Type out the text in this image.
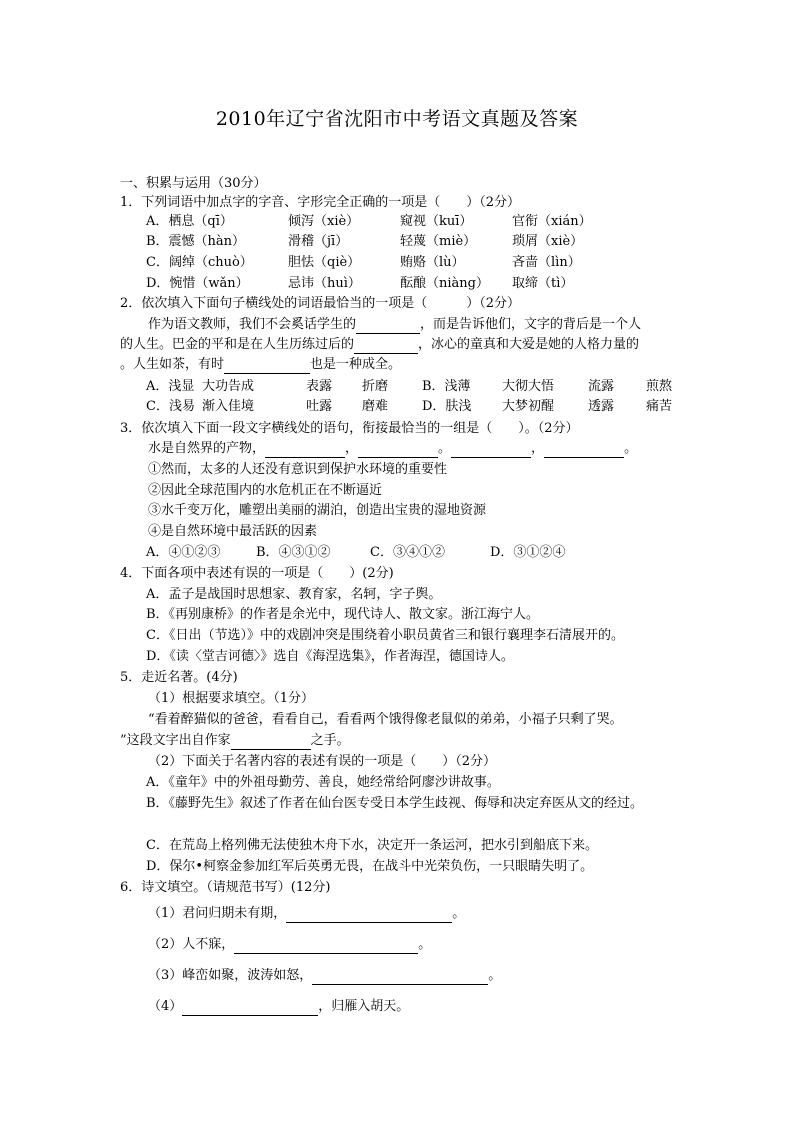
2010年辽宁省沈阳市中考语文真题及答案
一、积累与运用（30分）
1．下列词语中加点字的字音、字形完全正确的一项是（　　）（2分）
A．栖息（qī）	倾泻（xiè）	窥视（kuī）	官衔（xián）
B．震憾（hàn）	滑稽（jī）	轻蔑（miè）	琐屑（xiè）
C．阔绰（chuò）	胆怯（qiè）	贿赂（lù）	吝啬（lìn）
D．惋惜（wǎn）	忌讳（huì）	酝酿（niàng） 取缔（tì）
2．依次填入下面句子横线处的词语最恰当的一项是（　　　）（2分）
作为语文教师，我们不会奚话学生的	，而是告诉他们，文字的背后是一个人
的人生。巴金的平和是在人生历练过后的	，冰心的童真和大爱是她的人格力量的
。人生如茶，有时	也是一种成全。
A．浅显 大功告成	表露 折磨	B．浅薄 大彻大悟	流露 煎熬
C．浅易 渐入佳境	吐露 磨难	D．肤浅 大梦初醒	透露 痛苦
3．依次填入下面一段文字横线处的语句，衔接最恰当的一组是（　　）。（2分）
水是自然界的产物，	，	。	，	。
①然而，太多的人还没有意识到保护水环境的重要性
②因此全球范围内的水危机正在不断逼近
③水千变万化，雕塑出美丽的湖泊，创造出宝贵的湿地资源
④是自然环境中最活跃的因素
A．④①②③	B．④③①②	C．③④①②	D．③①②④
4．下面各项中表述有误的一项是（　　）(2分)
A．孟子是战国时思想家、教育家，名轲，字子舆。
B．《再别康桥》的作者是余光中，现代诗人、散文家。浙江海宁人。
C．《日出（节选）》中的戏剧冲突是围绕着小职员黄省三和银行襄理李石清展开的。
D．《读〈堂吉诃德〉》选自《海涅选集》，作者海涅，德国诗人。
5．走近名著。(4分)
（1）根据要求填空。（1分）
“看着醉猫似的爸爸，看看自己，看看两个饿得像老鼠似的弟弟，小福子只剩了哭。
”这段文字出自作家	之手。
（2）下面关于名著内容的表述有误的一项是（　　）（2分）
A．《童年》中的外祖母勤劳、善良，她经常给阿廖沙讲故事。
B．《藤野先生》叙述了作者在仙台医专受日本学生歧视、侮辱和决定弃医从文的经过。
C．在荒岛上格列佛无法使独木舟下水，决定开一条运河，把水引到船底下来。
D．保尔•柯察金参加红军后英勇无畏，在战斗中光荣负伤，一只眼睛失明了。
6．诗文填空。（请规范书写）(12分)
（1）君问归期未有期，	。
（2）人不寐，	。
（3）峰峦如聚，波涛如怒，	。
（4）	，归雁入胡天。
